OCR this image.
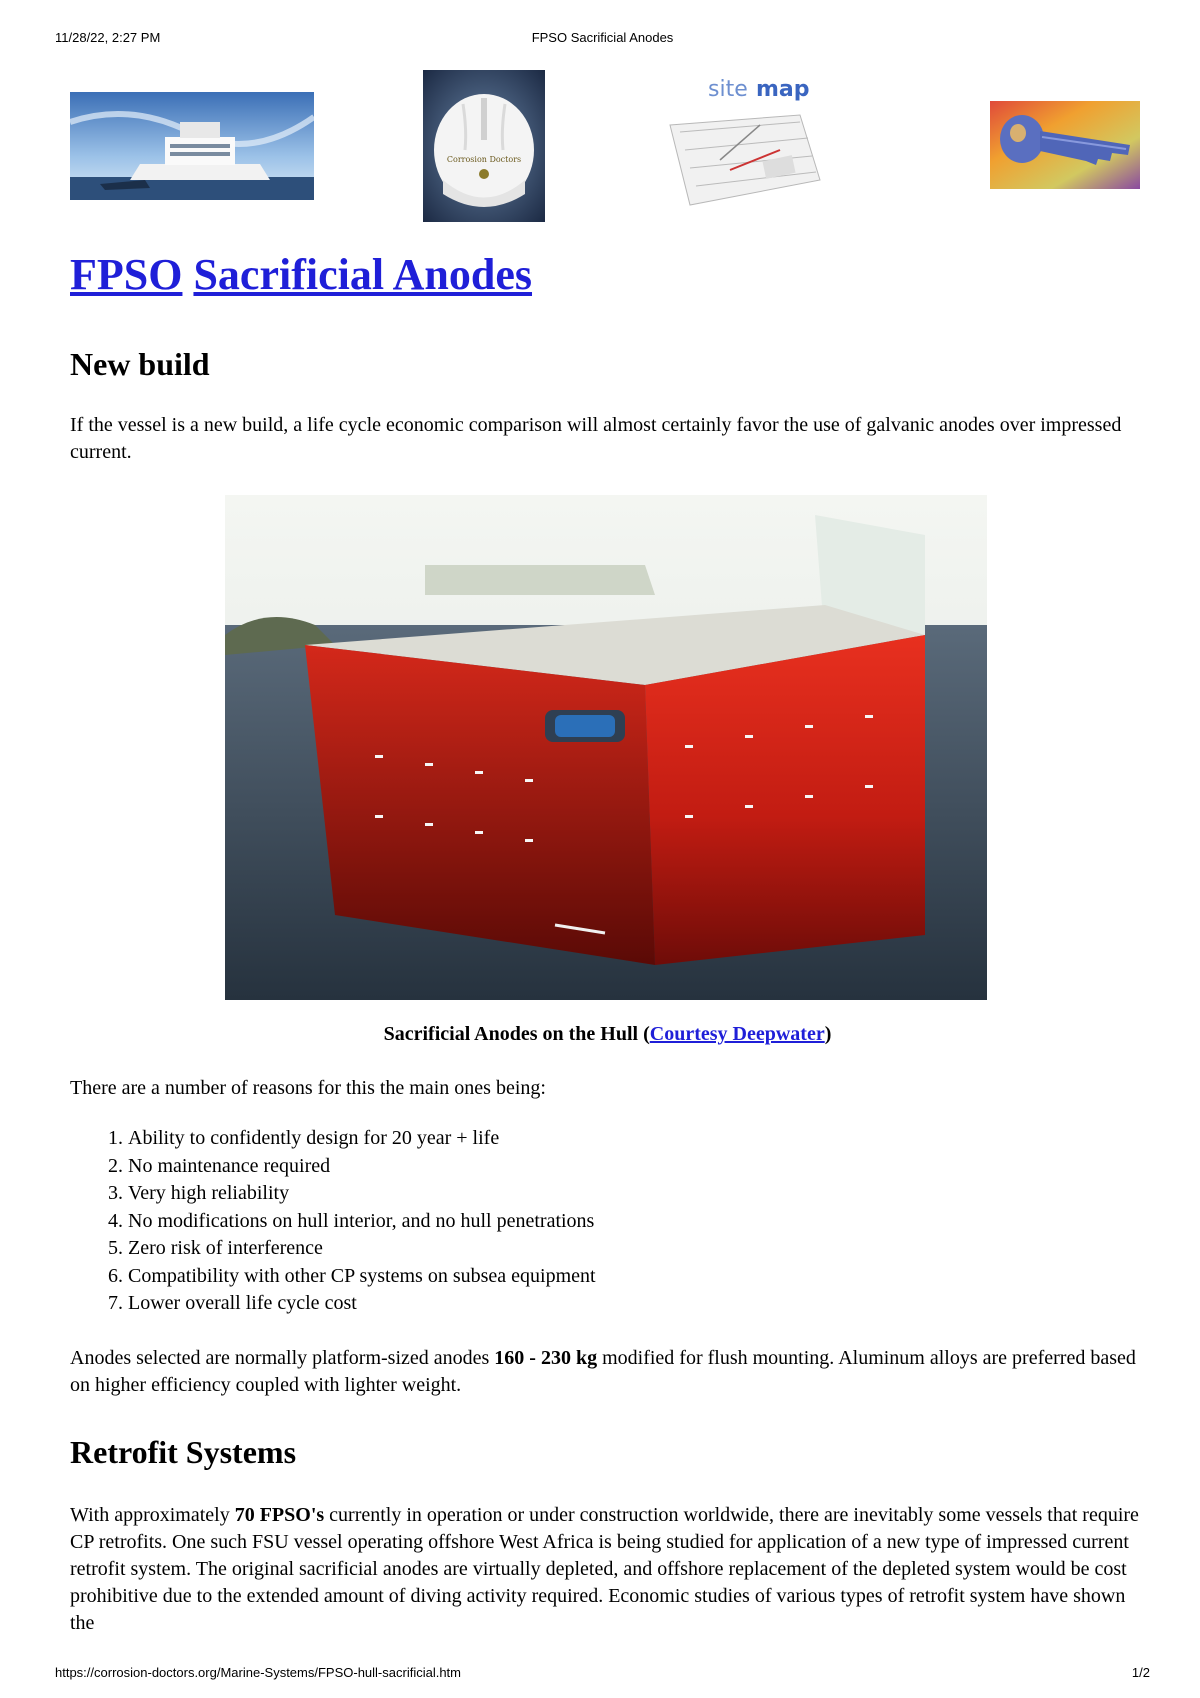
11/28/22, 2:27 PM	FPSO Sacrificial Anodes
Corrosion Doctors
site map
FPSO Sacrificial Anodes
New build

If the vessel is a new build, a life cycle economic comparison will almost certainly favor the use of galvanic anodes over impressed current.

Sacrificial Anodes on the Hull (Courtesy Deepwater)

There are a number of reasons for this the main ones being:

1. Ability to confidently design for 20 year + life
2. No maintenance required
3. Very high reliability
4. No modifications on hull interior, and no hull penetrations
5. Zero risk of interference
6. Compatibility with other CP systems on subsea equipment
7. Lower overall life cycle cost

Anodes selected are normally platform-sized anodes 160 - 230 kg modified for flush mounting. Aluminum alloys are preferred based on higher efficiency coupled with lighter weight.

Retrofit Systems

With approximately 70 FPSO's currently in operation or under construction worldwide, there are inevitably some vessels that require CP retrofits. One such FSU vessel operating offshore West Africa is being studied for application of a new type of impressed current retrofit system. The original sacrificial anodes are virtually depleted, and offshore replacement of the depleted system would be cost prohibitive due to the extended amount of diving activity required. Economic studies of various types of retrofit system have shown the

https://corrosion-doctors.org/Marine-Systems/FPSO-hull-sacrificial.htm	1/2
